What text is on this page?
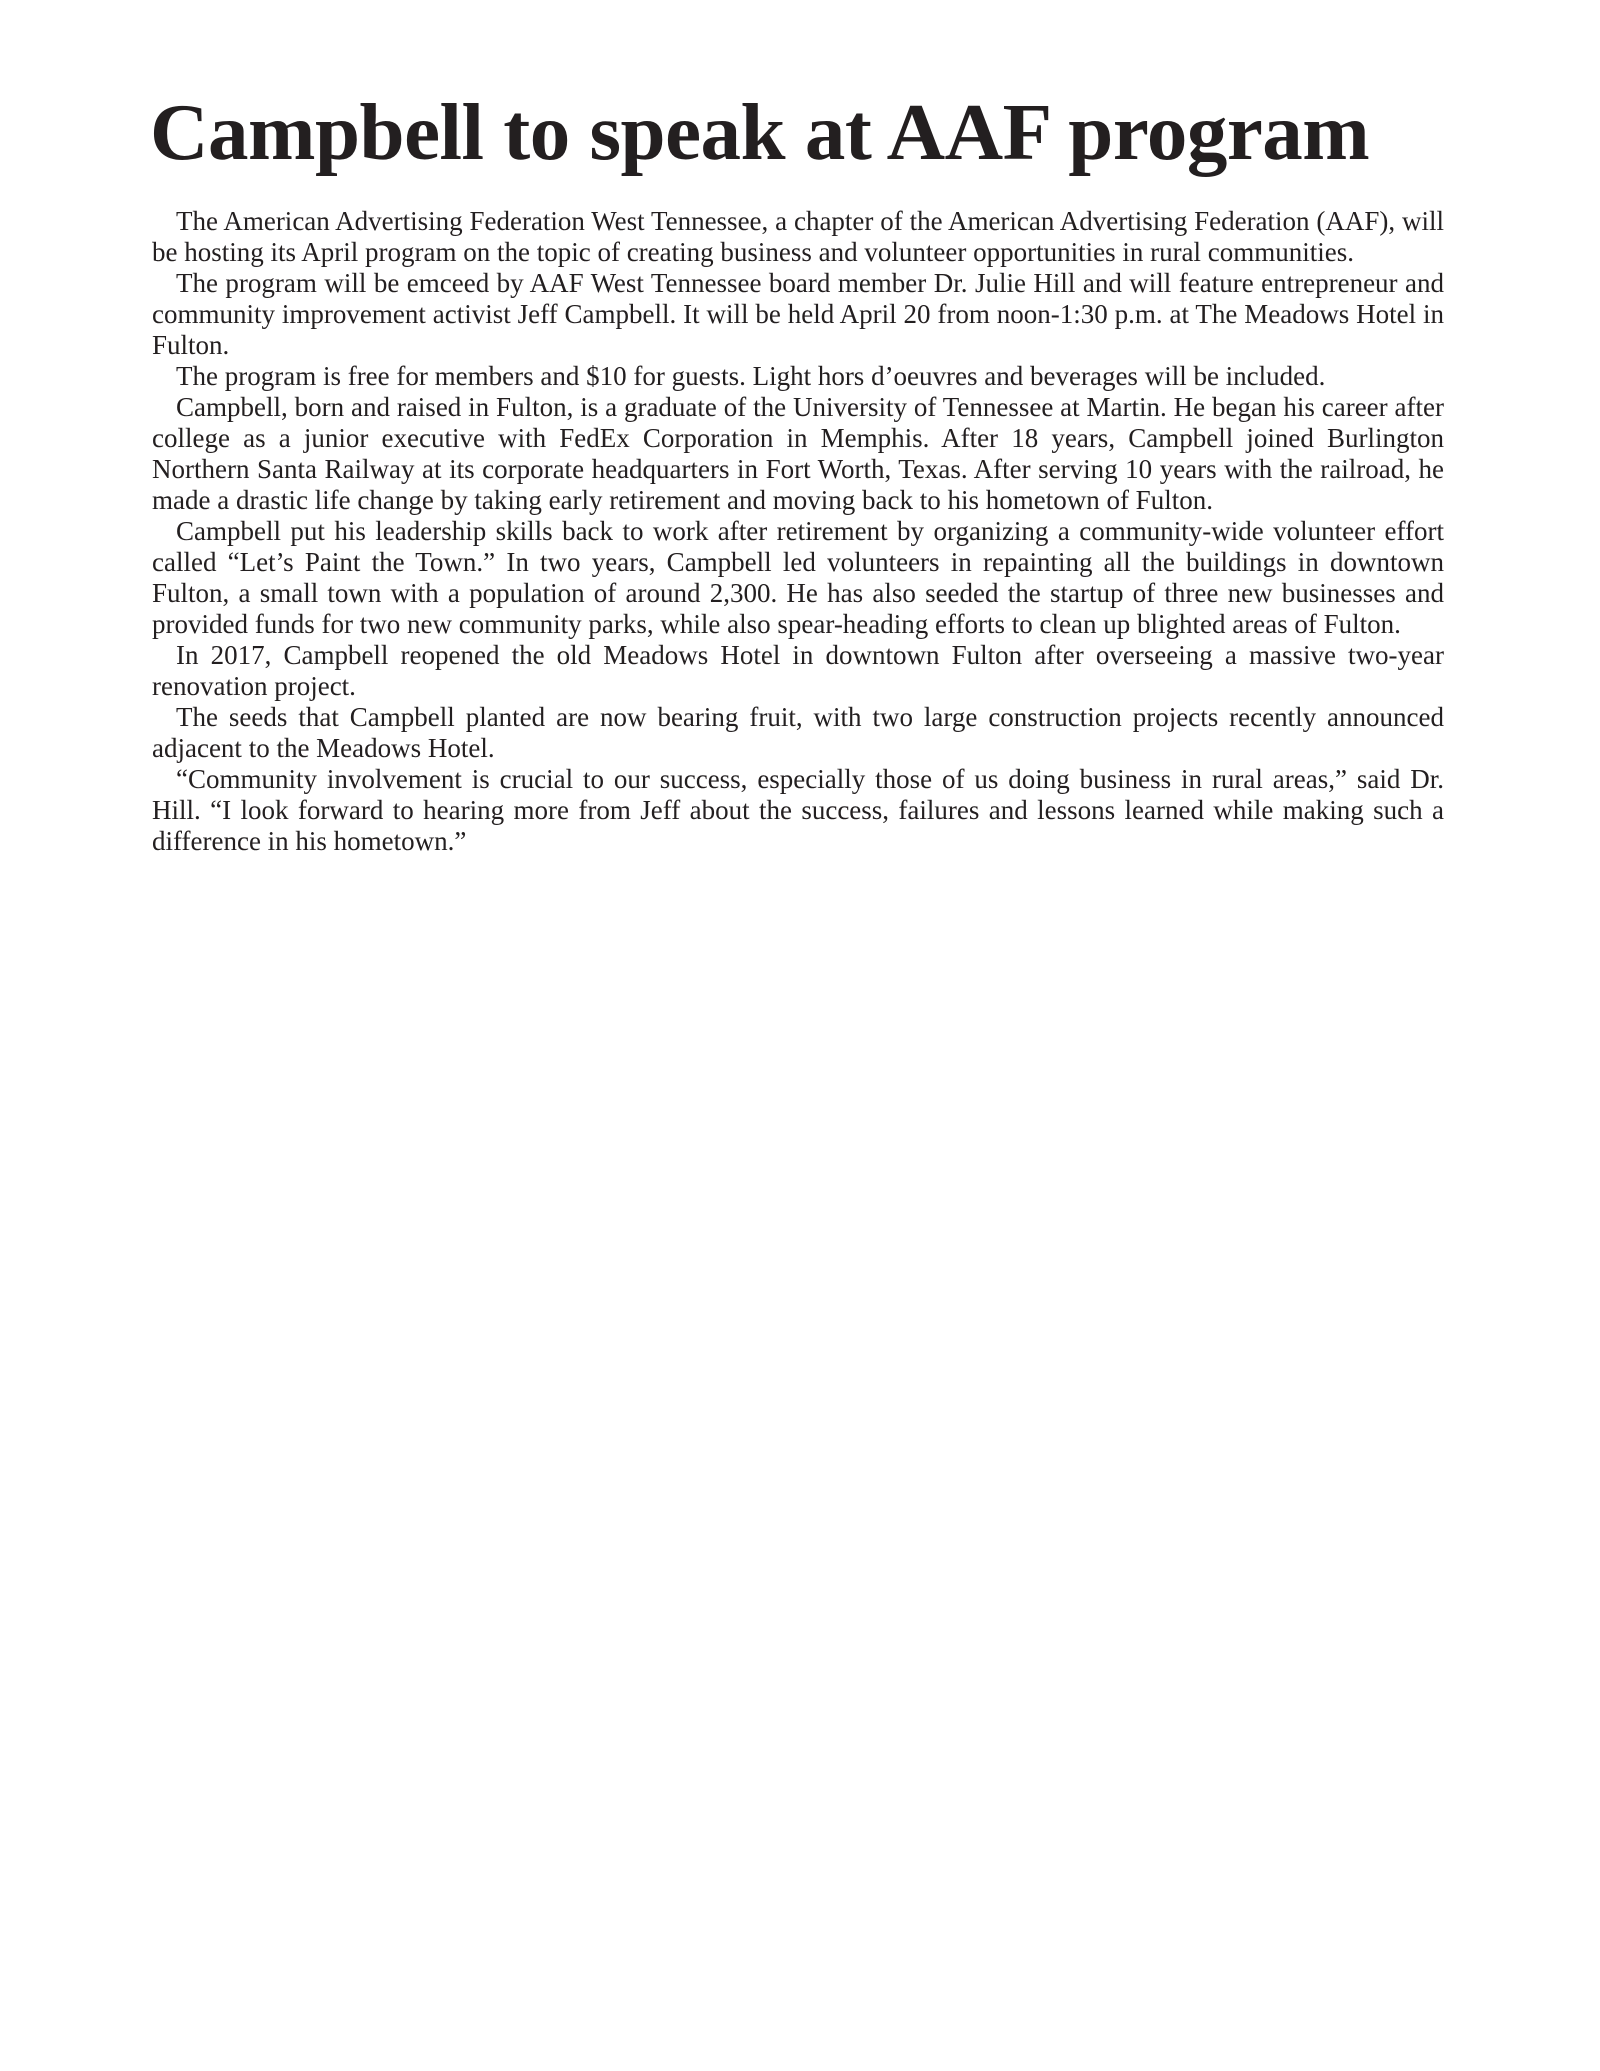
Campbell to speak at AAF program

The American Advertising Federation West Tennessee, a chapter of the American Advertising Federation (AAF), will be hosting its April program on the topic of creating business and volunteer opportunities in rural communities.

The program will be emceed by AAF West Tennessee board member Dr. Julie Hill and will feature entrepreneur and community improvement activist Jeff Campbell. It will be held April 20 from noon-1:30 p.m. at The Meadows Hotel in Fulton.

The program is free for members and $10 for guests. Light hors d’oeuvres and beverages will be included.

Campbell, born and raised in Fulton, is a graduate of the University of Tennessee at Martin. He began his career after college as a junior executive with FedEx Corporation in Memphis. After 18 years, Campbell joined Burlington Northern Santa Railway at its corporate headquarters in Fort Worth, Texas. After serving 10 years with the railroad, he made a drastic life change by taking early retirement and moving back to his hometown of Fulton.

Campbell put his leadership skills back to work after retirement by organizing a community-wide volunteer effort called “Let’s Paint the Town.” In two years, Campbell led volunteers in repainting all the buildings in downtown Fulton, a small town with a population of around 2,300. He has also seeded the startup of three new businesses and provided funds for two new community parks, while also spear-heading efforts to clean up blighted areas of Fulton.

In 2017, Campbell reopened the old Meadows Hotel in downtown Fulton after overseeing a massive two-year renovation project.

The seeds that Campbell planted are now bearing fruit, with two large construction projects recently announced adjacent to the Meadows Hotel.

“Community involvement is crucial to our success, especially those of us doing business in rural areas,” said Dr. Hill. “I look forward to hearing more from Jeff about the success, failures and lessons learned while making such a difference in his hometown.”
